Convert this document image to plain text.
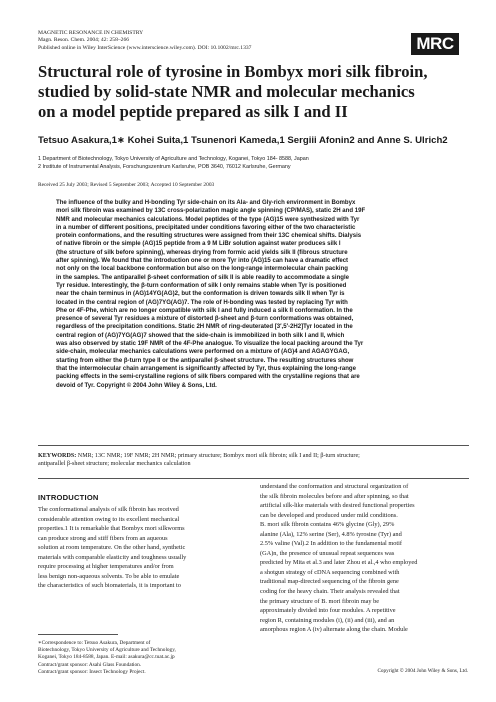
MAGNETIC RESONANCE IN CHEMISTRY
Magn. Reson. Chem. 2004; 42: 258–266
Published online in Wiley InterScience (www.interscience.wiley.com). DOI: 10.1002/mrc.1337	MRC
Structural role of tyrosine in Bombyx mori silk fibroin,
studied by solid-state NMR and molecular mechanics
on a model peptide prepared as silk I and II
Tetsuo Asakura,1∗ Kohei Suita,1 Tsunenori Kameda,1 Sergiii Afonin2 and Anne S. Ulrich2
1 Department of Biotechnology, Tokyo University of Agriculture and Technology, Koganei, Tokyo 184- 8588, Japan
2 Institute of Instrumental Analysis, Forschungszentrum Karlsruhe, POB 3640, 76012 Karlsruhe, Germany
Received 25 July 2003; Revised 5 September 2003; Accepted 10 September 2003
The influence of the bulky and H-bonding Tyr side-chain on its Ala- and Gly-rich environment in Bombyx
mori silk fibroin was examined by 13C cross-polarization magic angle spinning (CP/MAS), static 2H and 19F
NMR and molecular mechanics calculations. Model peptides of the type (AG)15 were synthesized with Tyr
in a number of different positions, precipitated under conditions favoring either of the two characteristic
protein conformations, and the resulting structures were assigned from their 13C chemical shifts. Dialysis
of native fibroin or the simple (AG)15 peptide from a 9 M LiBr solution against water produces silk I
(the structure of silk before spinning), whereas drying from formic acid yields silk II (fibrous structure
after spinning). We found that the introduction one or more Tyr into (AG)15 can have a dramatic effect
not only on the local backbone conformation but also on the long-range intermolecular chain packing
in the samples. The antiparallel β-sheet conformation of silk II is able readily to accommodate a single
Tyr residue. Interestingly, the β-turn conformation of silk I only remains stable when Tyr is positioned
near the chain terminus in (AG)14YG(AG)2, but the conformation is driven towards silk II when Tyr is
located in the central region of (AG)7YG(AG)7. The role of H-bonding was tested by replacing Tyr with
Phe or 4F-Phe, which are no longer compatible with silk I and fully induced a silk II conformation. In the
presence of several Tyr residues a mixture of distorted β-sheet and β-turn conformations was obtained,
regardless of the precipitation conditions. Static 2H NMR of ring-deuterated [3′,5′-2H2]Tyr located in the
central region of (AG)7YG(AG)7 showed that the side-chain is immobilized in both silk I and II, which
was also observed by static 19F NMR of the 4F-Phe analogue. To visualize the local packing around the Tyr
side-chain, molecular mechanics calculations were performed on a mixture of (AG)4 and AGAGYGAG,
starting from either the β-turn type II or the antiparallel β-sheet structure. The resulting structures show
that the intermolecular chain arrangement is significantly affected by Tyr, thus explaining the long-range
packing effects in the semi-crystalline regions of silk fibers compared with the crystalline regions that are
devoid of Tyr. Copyright © 2004 John Wiley & Sons, Ltd.
KEYWORDS: NMR; 13C NMR; 19F NMR; 2H NMR; primary structure; Bombyx mori silk fibroin; silk I and II; β-turn structure;
antiparallel β-sheet structure; molecular mechanics calculation
INTRODUCTION
The conformational analysis of silk fibroin has received
considerable attention owing to its excellent mechanical
properties.1 It is remarkable that Bombyx mori silkworms
can produce strong and stiff fibers from an aqueous
solution at room temperature. On the other hand, synthetic
materials with comparable elasticity and toughness usually
require processing at higher temperatures and/or from
less benign non-aqueous solvents. To be able to emulate
the characteristics of such biomaterials, it is important to
understand the conformation and structural organization of
the silk fibroin molecules before and after spinning, so that
artificial silk-like materials with desired functional properties
can be developed and produced under mild conditions.
B. mori silk fibroin contains 46% glycine (Gly), 29%
alanine (Ala), 12% serine (Ser), 4.8% tyrosine (Tyr) and
2.5% valine (Val).2 In addition to the fundamental motif
(GA)n, the presence of unusual repeat sequences was
predicted by Mita et al.3 and later Zhou et al.,4 who employed
a shotgun strategy of cDNA sequencing combined with
traditional map-directed sequencing of the fibroin gene
coding for the heavy chain. Their analysis revealed that
the primary structure of B. mori fibroin may be
approximately divided into four modules. A repetitive
region R, containing modules (i), (ii) and (iii), and an
amorphous region A (iv) alternate along the chain. Module
∗Correspondence to: Tetsuo Asakura, Department of
Biotechnology, Tokyo University of Agriculture and Technology,
Koganei, Tokyo 184-8588, Japan. E-mail: asakura@cc.tuat.ac.jp
Contract/grant sponsor: Asahi Glass Foundation.
Contract/grant sponsor: Insect Technology Project.	Copyright © 2004 John Wiley & Sons, Ltd.
